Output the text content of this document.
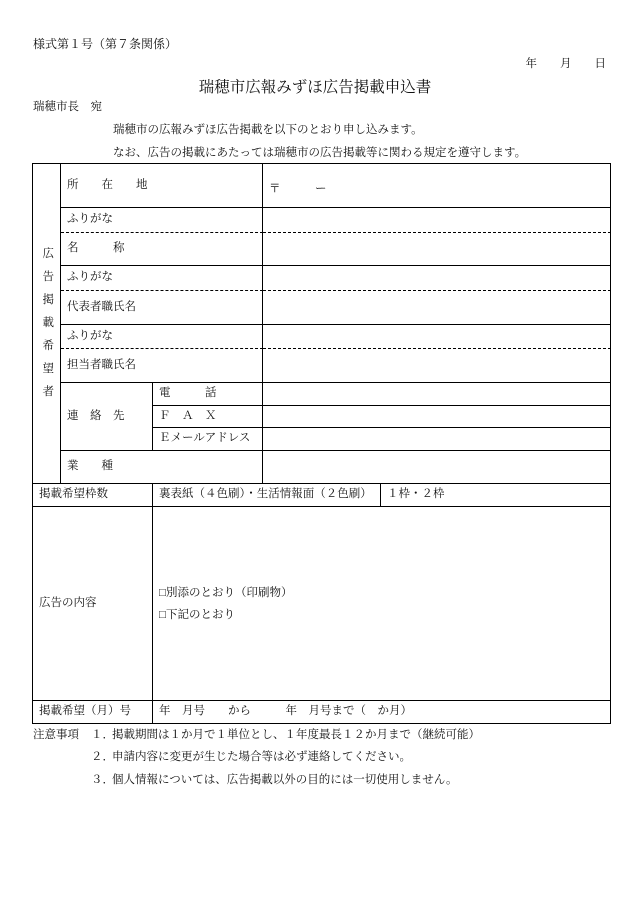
様式第１号（第７条関係）
年　　月　　日
瑞穂市広報みずほ広告掲載申込書
瑞穂市長　宛
瑞穂市の広報みずほ広告掲載を以下のとおり申し込みます。
なお、広告の掲載にあたっては瑞穂市の広告掲載等に関わる規定を遵守します。
広告掲載希望者	所　　在　　地		〒　　　ー	

	ふりがな			
	名　　　称			
	ふりがな			
	代表者職氏名			
	ふりがな			
	担当者職氏名			
	連　絡　先	電　　　話		
		Ｆ　Ａ　Ｘ		
		Ｅメールアドレス		
	業　　種			
掲載希望枠数		裏表紙（４色刷）・生活情報面（２色刷）		１枠・２枠
広告の内容		□別添のとおり（印刷物）
□下記のとおり		

掲載希望（月）号		年　月号　　から　　　年　月号まで（　か月）		
注意事項 １．
掲載期間は１か月で１単位とし、１年度最長１２か月まで（継続可能）
２．
申請内容に変更が生じた場合等は必ず連絡してください。
３．
個人情報については、広告掲載以外の目的には一切使用しません。
